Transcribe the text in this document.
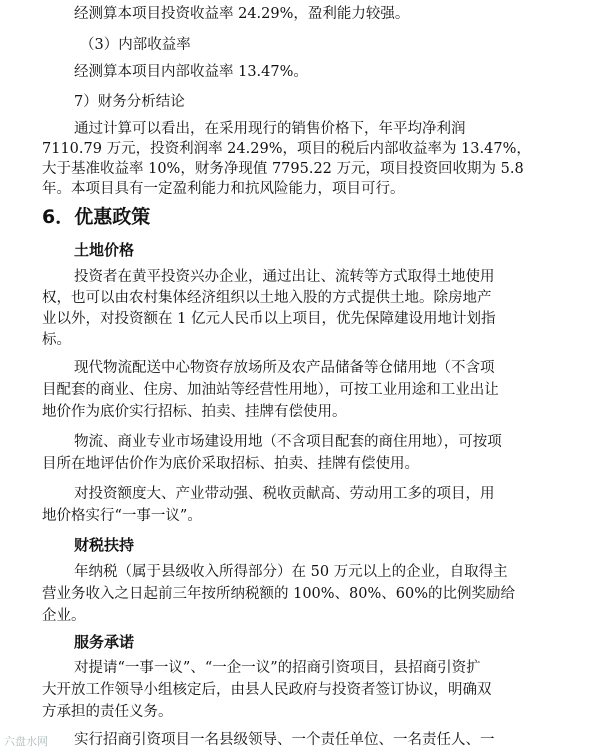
经测算本项目投资收益率 24.29%，盈利能力较强。
（3）内部收益率
经测算本项目内部收益率 13.47%。
7）财务分析结论
通过计算可以看出，在采用现行的销售价格下，年平均净利润
7110.79 万元，投资利润率 24.29%，项目的税后内部收益率为 13.47%，
大于基准收益率 10%，财务净现值 7795.22 万元，项目投资回收期为 5.8
年。本项目具有一定盈利能力和抗风险能力，项目可行。
6．优惠政策
土地价格
投资者在黄平投资兴办企业，通过出让、流转等方式取得土地使用
权，也可以由农村集体经济组织以土地入股的方式提供土地。除房地产
业以外，对投资额在 1 亿元人民币以上项目，优先保障建设用地计划指
标。
现代物流配送中心物资存放场所及农产品储备等仓储用地（不含项
目配套的商业、住房、加油站等经营性用地），可按工业用途和工业出让
地价作为底价实行招标、拍卖、挂牌有偿使用。
物流、商业专业市场建设用地（不含项目配套的商住用地），可按项
目所在地评估价作为底价采取招标、拍卖、挂牌有偿使用。
对投资额度大、产业带动强、税收贡献高、劳动用工多的项目，用
地价格实行“一事一议”。
财税扶持
年纳税（属于县级收入所得部分）在 50 万元以上的企业，自取得主
营业务收入之日起前三年按所纳税额的 100%、80%、60%的比例奖励给
企业。
服务承诺
对提请“一事一议”、“一企一议”的招商引资项目，县招商引资扩
大开放工作领导小组核定后，由县人民政府与投资者签订协议，明确双
方承担的责任义务。
实行招商引资项目一名县级领导、一个责任单位、一名责任人、一
六盘水网
